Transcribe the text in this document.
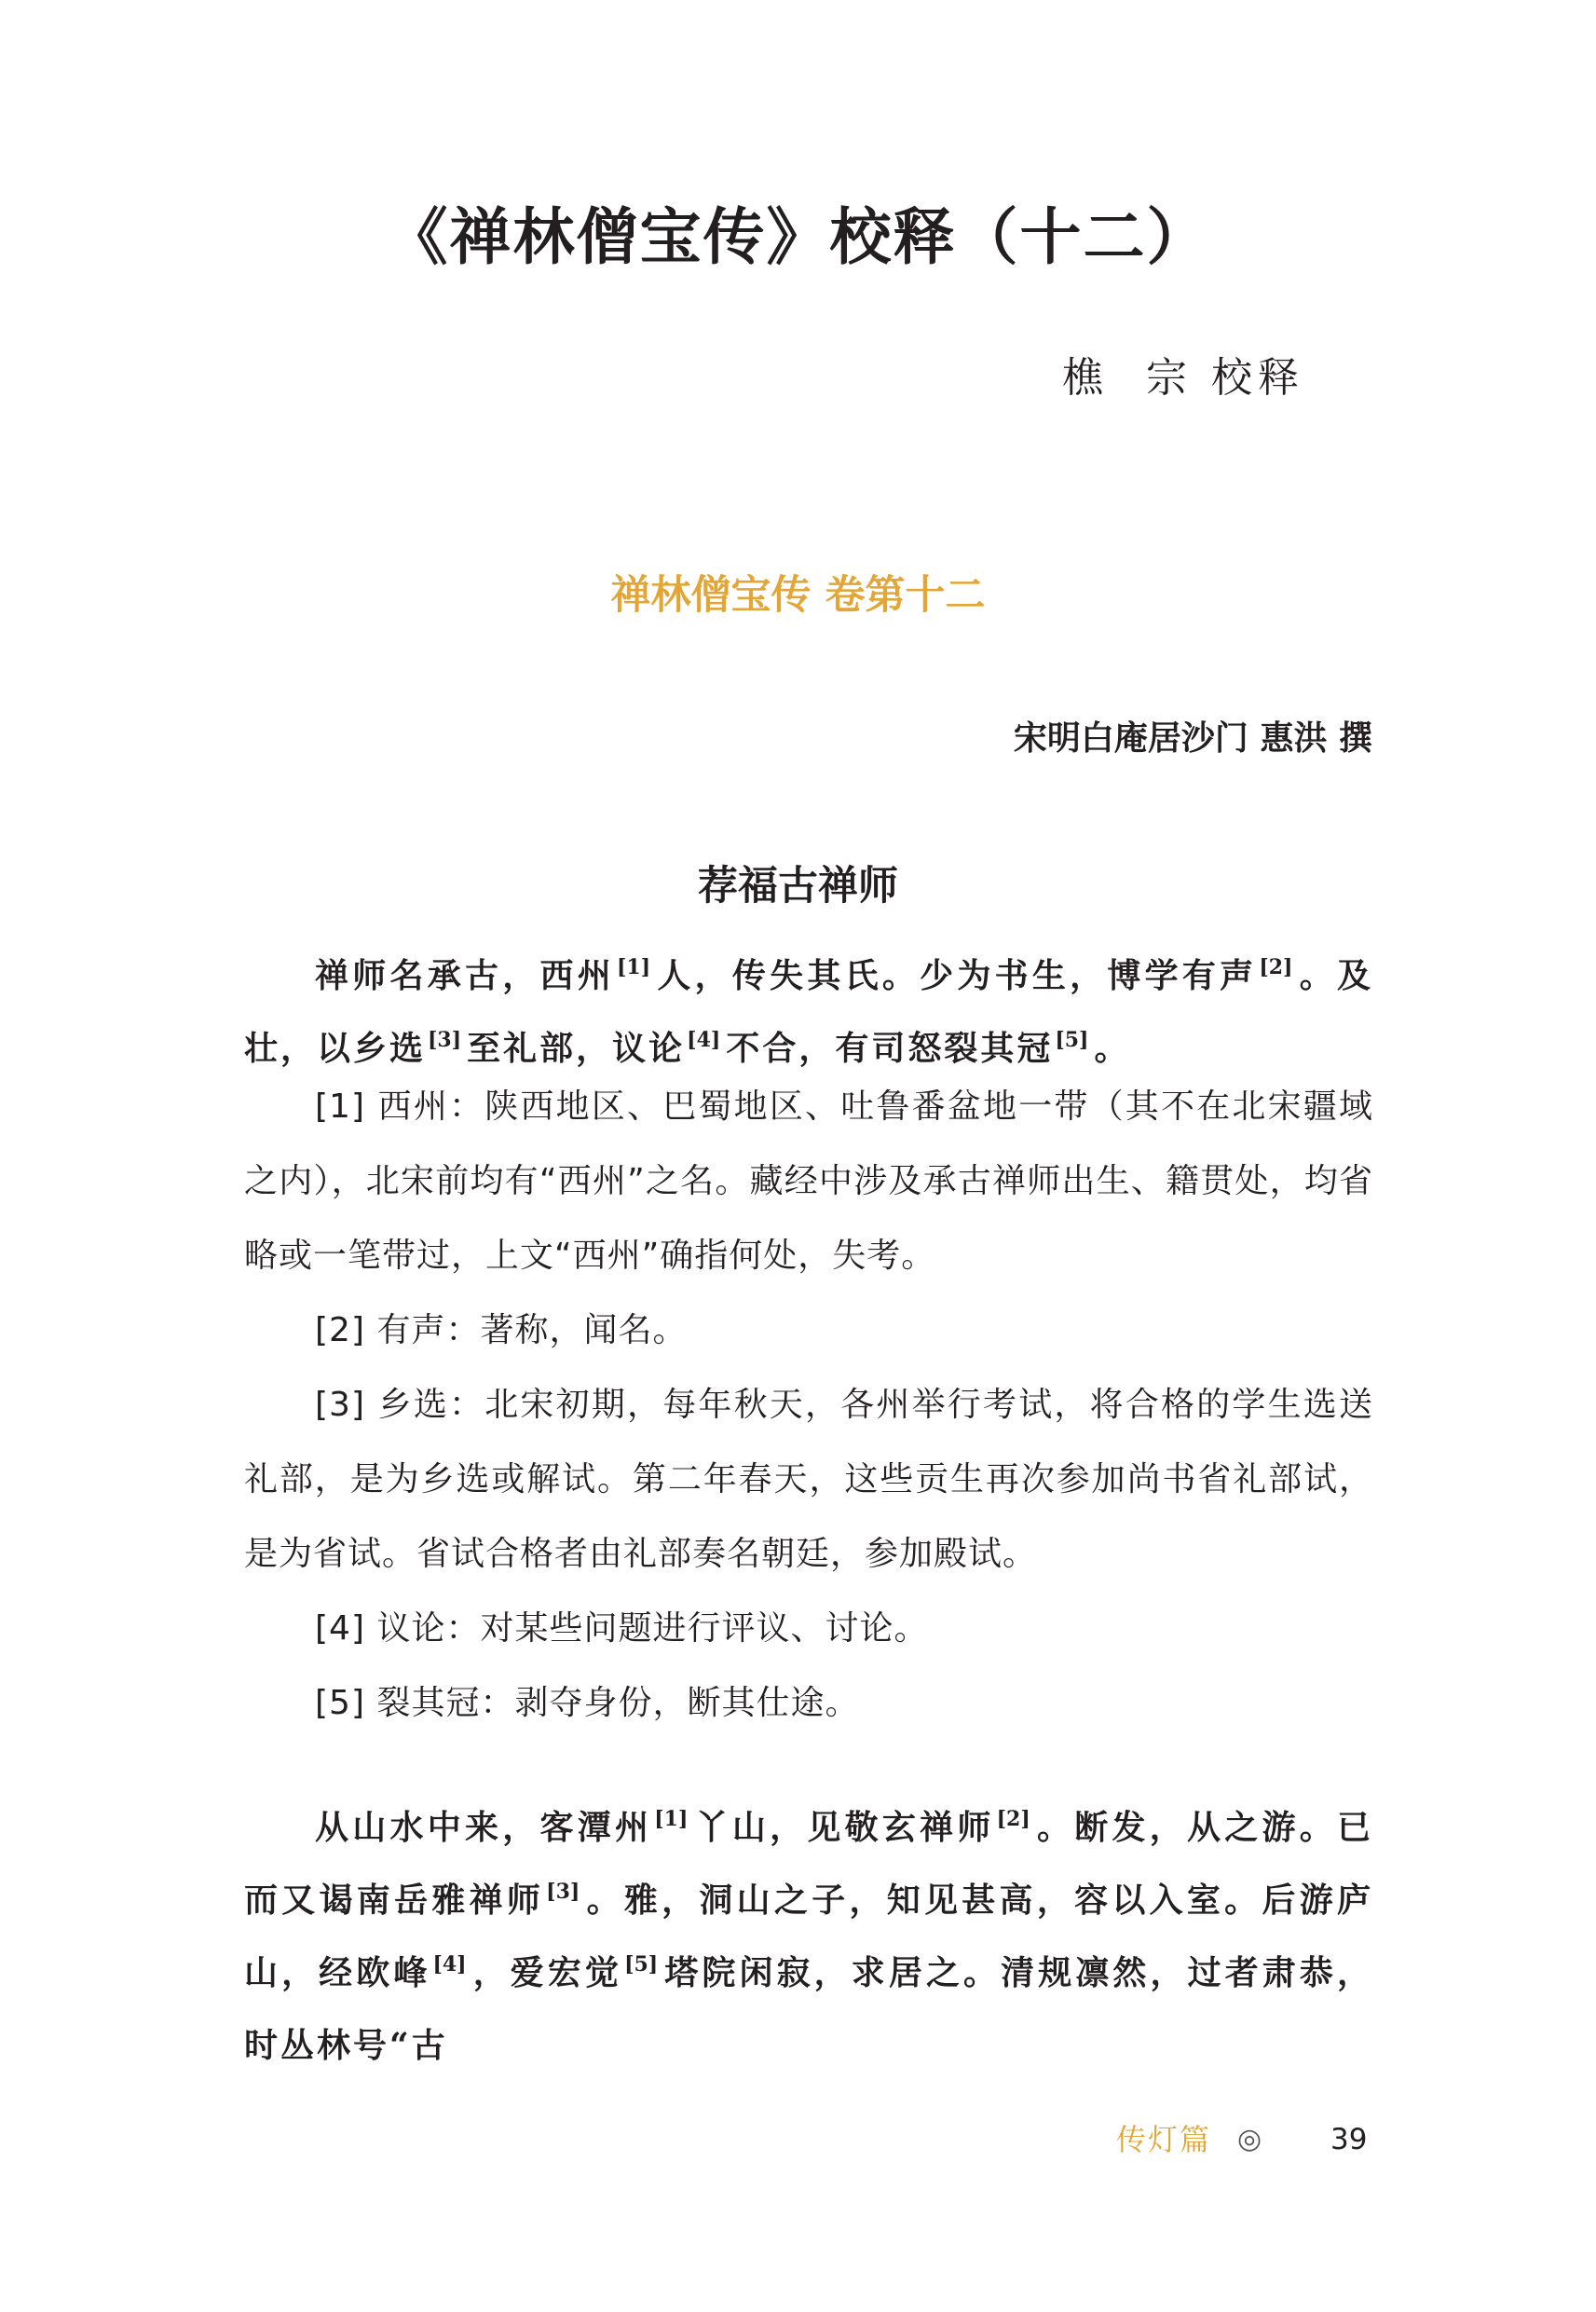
《禅林僧宝传》校释（十二）
樵  宗 校释
禅林僧宝传 卷第十二
宋明白庵居沙门 惠洪 撰
荐福古禅师

禅师名承古，西州[1] 人，传失其氏。少为书生，博学有声[2] 。及壮，以乡选[3] 至礼部，议论[4] 不合，有司怒裂其冠[5] 。

[1] 西州：陕西地区、巴蜀地区、吐鲁番盆地一带（其不在北宋疆域之内），北宋前均有“西州”之名。藏经中涉及承古禅师出生、籍贯处，均省略或一笔带过，上文“西州”确指何处，失考。

[2] 有声：著称，闻名。

[3] 乡选：北宋初期，每年秋天，各州举行考试，将合格的学生选送礼部，是为乡选或解试。第二年春天，这些贡生再次参加尚书省礼部试，是为省试。省试合格者由礼部奏名朝廷，参加殿试。

[4] 议论：对某些问题进行评议、讨论。

[5] 裂其冠：剥夺身份，断其仕途。

从山水中来，客潭州[1] 丫山，见敬玄禅师[2] 。断发，从之游。已而又谒南岳雅禅师[3] 。雅，洞山之子，知见甚高，容以入室。后游庐山，经欧峰[4] ，爱宏觉[5] 塔院闲寂，求居之。清规凛然，过者肃恭，时丛林号“古

传灯篇 ◎ 39
